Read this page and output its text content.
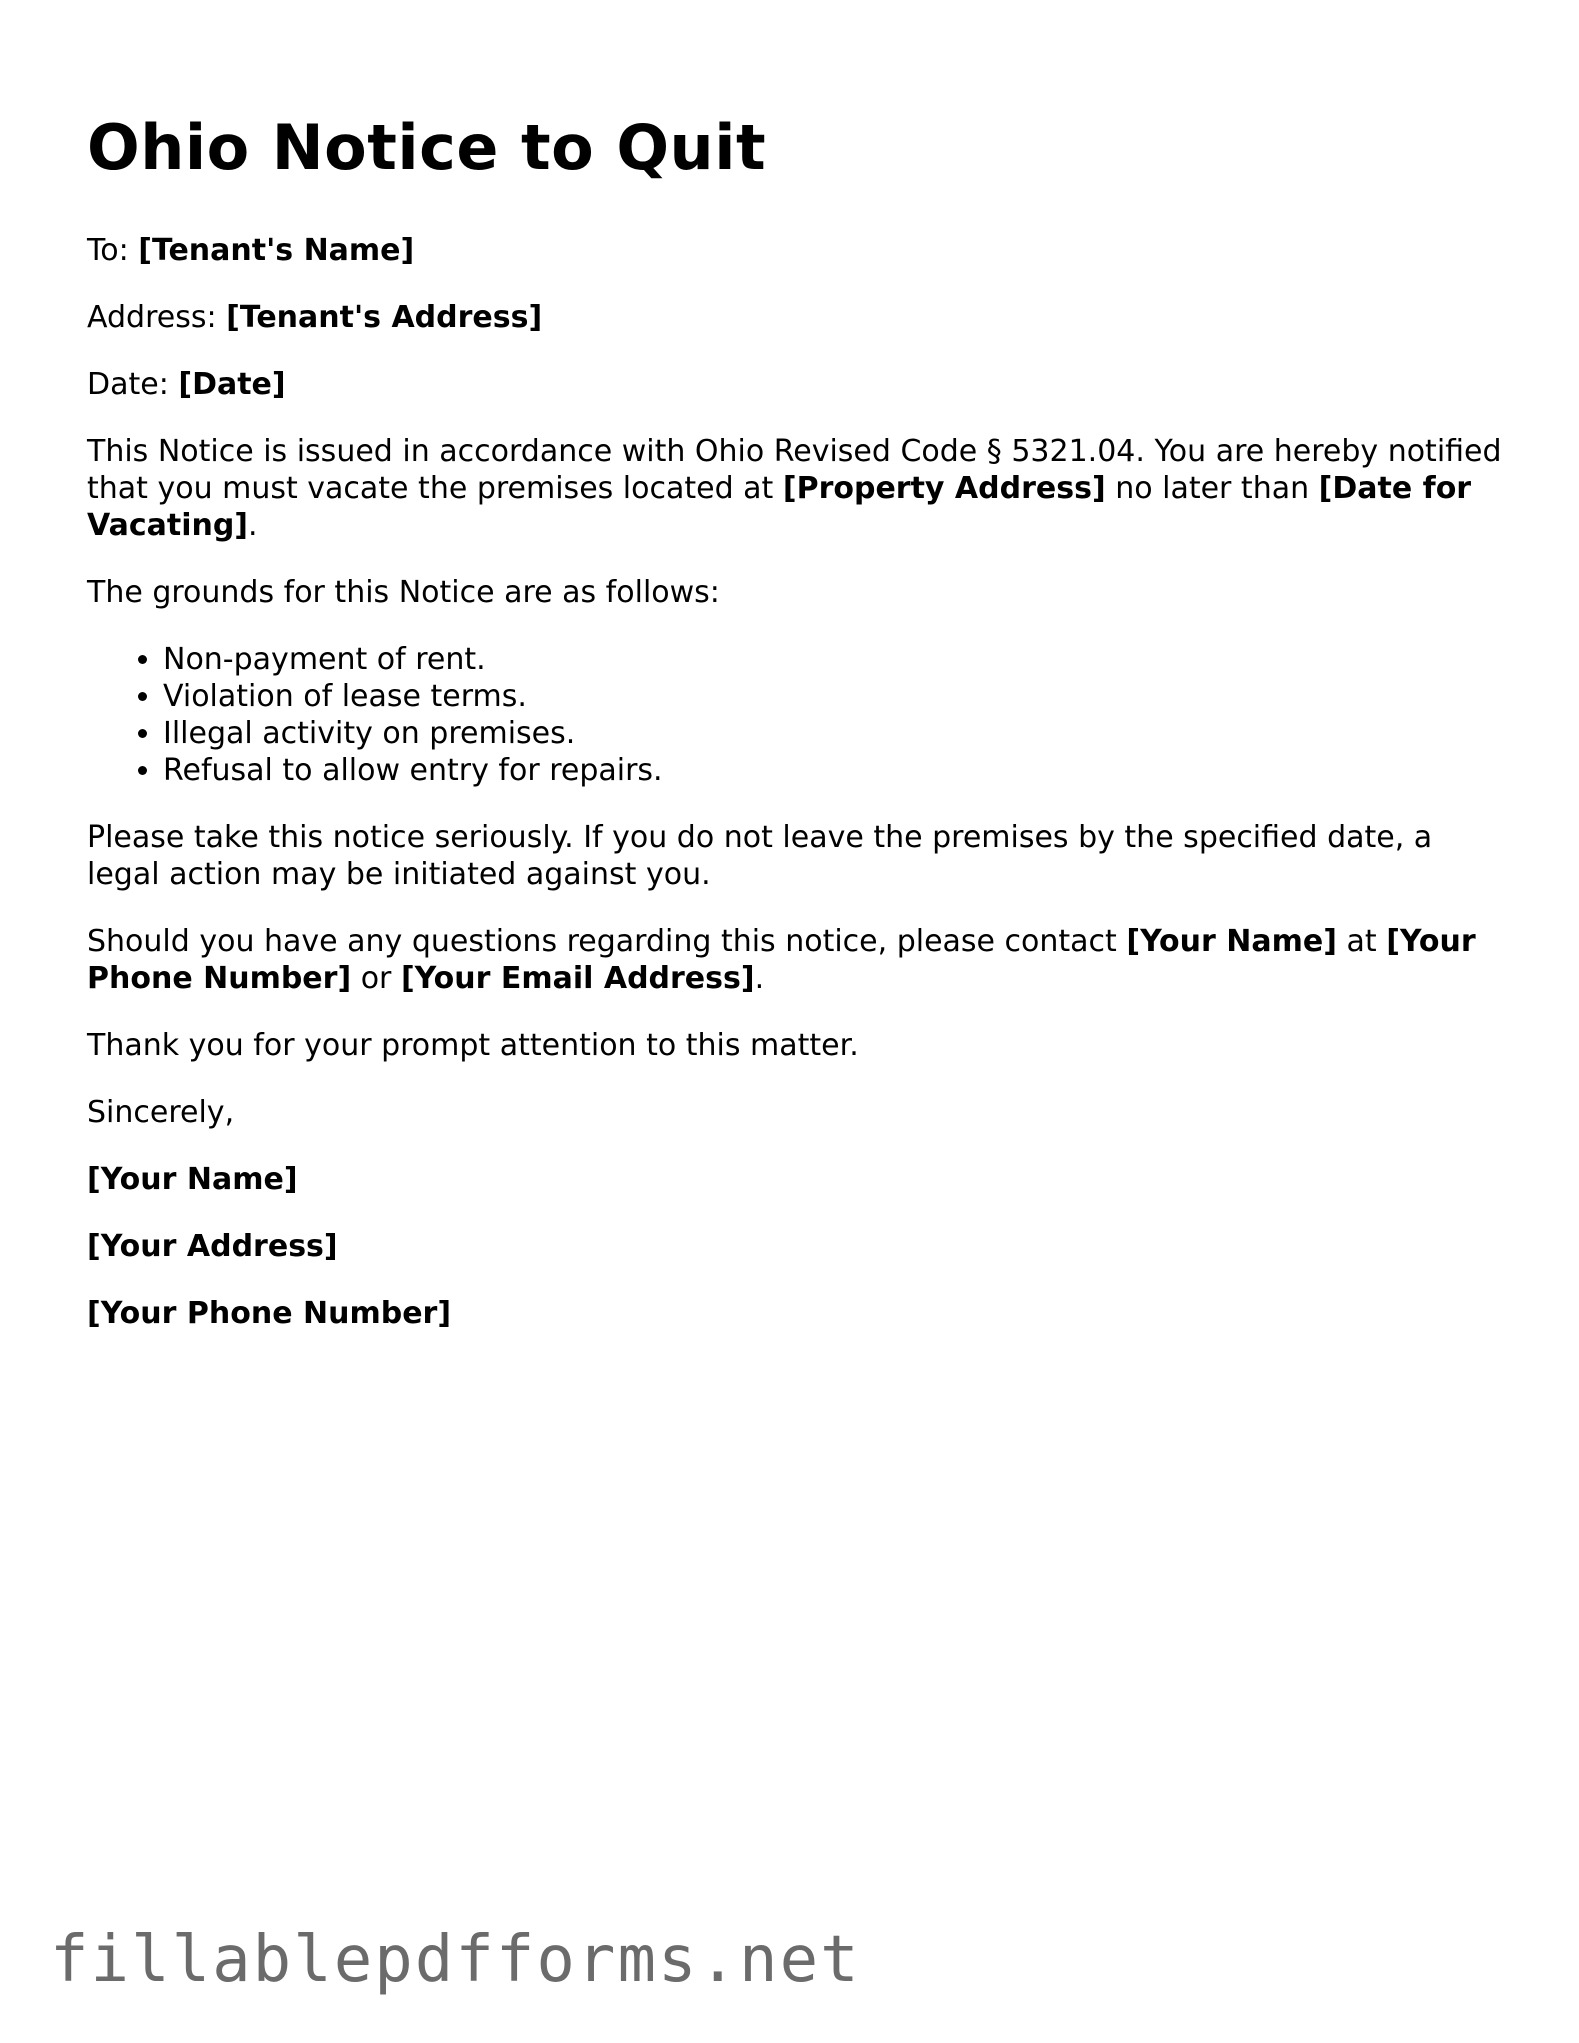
Ohio Notice to Quit

To: [Tenant's Name]

Address: [Tenant's Address]

Date: [Date]

This Notice is issued in accordance with Ohio Revised Code § 5321.04. You are hereby notified that you must vacate the premises located at [Property Address] no later than [Date for Vacating].

The grounds for this Notice are as follows:

• Non-payment of rent.
• Violation of lease terms.
• Illegal activity on premises.
• Refusal to allow entry for repairs.

Please take this notice seriously. If you do not leave the premises by the specified date, a legal action may be initiated against you.

Should you have any questions regarding this notice, please contact [Your Name] at [Your Phone Number] or [Your Email Address].

Thank you for your prompt attention to this matter.

Sincerely,

[Your Name]

[Your Address]

[Your Phone Number]

fillablepdfforms.net
